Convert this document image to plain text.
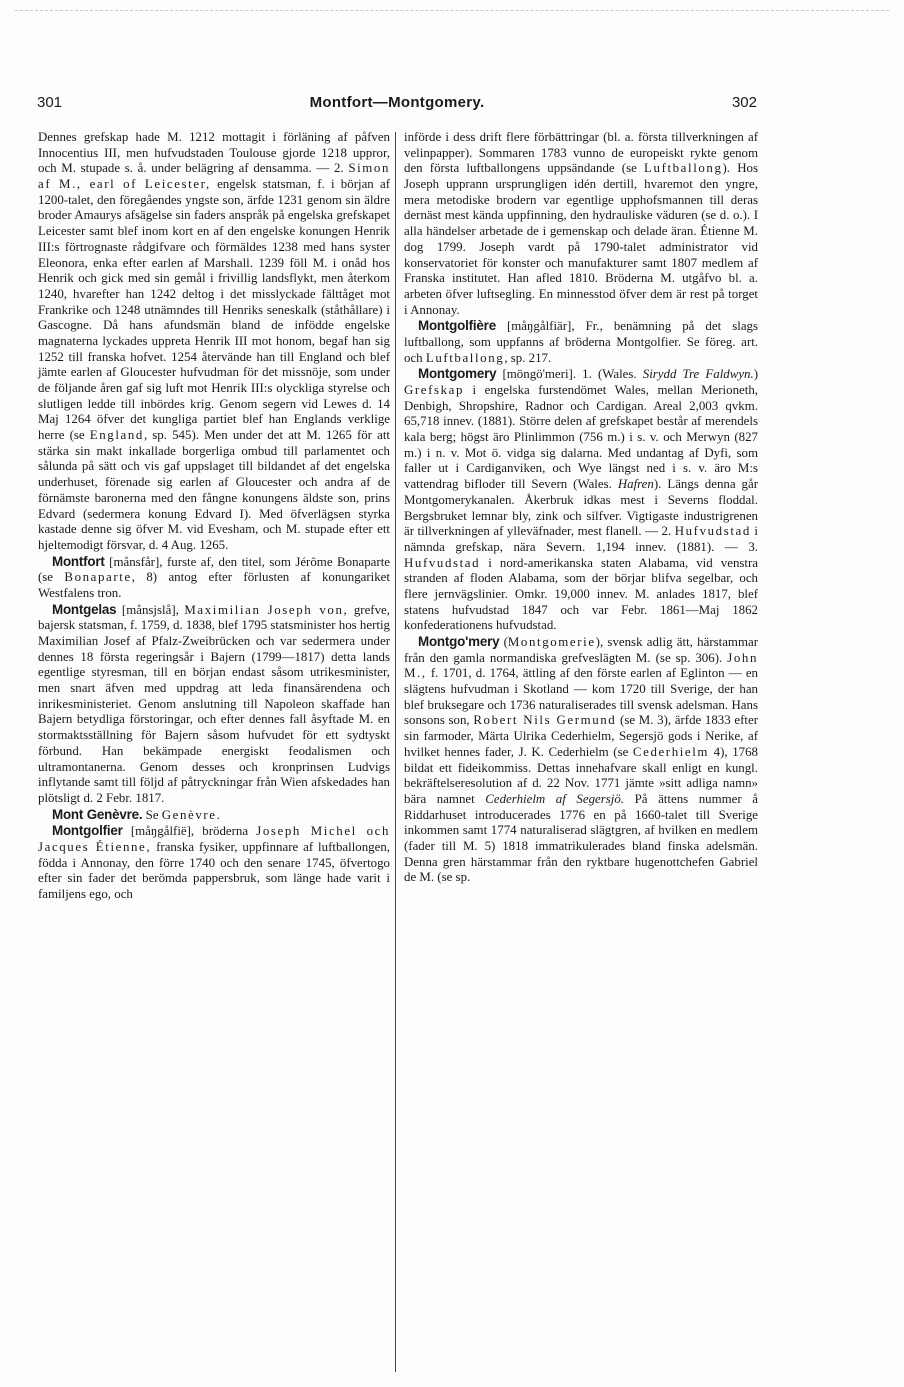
301	Montfort—Montgomery.	302

Dennes grefskap hade M. 1212 mottagit i förläning af påfven Innocentius III, men hufvudstaden Toulouse gjorde 1218 uppror, och M. stupade s. å. under belägring af densamma. — 2. Simon af M., earl of Leicester, engelsk statsman, f. i början af 1200-talet, den föregåendes yngste son, ärfde 1231 genom sin äldre broder Amaurys afsägelse sin faders anspråk på engelska grefskapet Leicester samt blef inom kort en af den engelske konungen Henrik III:s förtrognaste rådgifvare och förmäldes 1238 med hans syster Eleonora, enka efter earlen af Marshall. 1239 föll M. i onåd hos Henrik och gick med sin gemål i frivillig landsflykt, men återkom 1240, hvarefter han 1242 deltog i det misslyckade fälttåget mot Frankrike och 1248 utnämndes till Henriks seneskalk (ståthållare) i Gascogne. Då hans afundsmän bland de infödde engelske magnaterna lyckades uppreta Henrik III mot honom, begaf han sig 1252 till franska hofvet. 1254 återvände han till England och blef jämte earlen af Gloucester hufvudman för det missnöje, som under de följande åren gaf sig luft mot Henrik III:s olyckliga styrelse och slutligen ledde till inbördes krig. Genom segern vid Lewes d. 14 Maj 1264 öfver det kungliga partiet blef han Englands verklige herre (se England, sp. 545). Men under det att M. 1265 för att stärka sin makt inkallade borgerliga ombud till parlamentet och sålunda på sätt och vis gaf uppslaget till bildandet af det engelska underhuset, förenade sig earlen af Gloucester och andra af de förnämste baronerna med den fångne konungens äldste son, prins Edvard (sedermera konung Edvard I). Med öfverlägsen styrka kastade denne sig öfver M. vid Evesham, och M. stupade efter ett hjeltemodigt försvar, d. 4 Aug. 1265.

Montfort [månsfår], furste af, den titel, som Jérôme Bonaparte (se Bonaparte, 8) antog efter förlusten af konungariket Westfalens tron.

Montgelas [månsjslå], Maximilian Joseph von, grefve, bajersk statsman, f. 1759, d. 1838, blef 1795 statsminister hos hertig Maximilian Josef af Pfalz-Zweibrücken och var sedermera under dennes 18 första regeringsår i Bajern (1799—1817) detta lands egentlige styresman, till en början endast såsom utrikesminister, men snart äfven med uppdrag att leda finansärendena och inrikesministeriet. Genom anslutning till Napoleon skaffade han Bajern betydliga förstoringar, och efter dennes fall åsyftade M. en stormaktsställning för Bajern såsom hufvudet för ett sydtyskt förbund. Han bekämpade energiskt feodalismen och ultramontanerna. Genom desses och kronprinsen Ludvigs inflytande samt till följd af påtryckningar från Wien afskedades han plötsligt d. 2 Febr. 1817.

Mont Genèvre. Se Genèvre.

Montgolfier [måŋgålfië], bröderna Joseph Michel och Jacques Étienne, franska fysiker, uppfinnare af luftballongen, födda i Annonay, den förre 1740 och den senare 1745, öfvertogo efter sin fader det berömda pappersbruk, som länge hade varit i familjens ego, och

införde i dess drift flere förbättringar (bl. a. första tillverkningen af velinpapper). Sommaren 1783 vunno de europeiskt rykte genom den första luftballongens uppsändande (se Luftballong). Hos Joseph upprann ursprungligen idén dertill, hvaremot den yngre, mera metodiske brodern var egentlige upphofsmannen till deras dernäst mest kända uppfinning, den hydrauliske väduren (se d. o.). I alla händelser arbetade de i gemenskap och delade äran. Étienne M. dog 1799. Joseph vardt på 1790-talet administrator vid konservatoriet för konster och manufakturer samt 1807 medlem af Franska institutet. Han afled 1810. Bröderna M. utgåfvo bl. a. arbeten öfver luftsegling. En minnesstod öfver dem är rest på torget i Annonay.

Montgolfière [måŋgålfiär], Fr., benämning på det slags luftballong, som uppfanns af bröderna Montgolfier. Se föreg. art. och Luftballong, sp. 217.

Montgomery [möngö'meri]. 1. (Wales. Sirydd Tre Faldwyn.) Grefskap i engelska furstendömet Wales, mellan Merioneth, Denbigh, Shropshire, Radnor och Cardigan. Areal 2,003 qvkm. 65,718 innev. (1881). Större delen af grefskapet består af merendels kala berg; högst äro Plinlimmon (756 m.) i s. v. och Merwyn (827 m.) i n. v. Mot ö. vidga sig dalarna. Med undantag af Dyfi, som faller ut i Cardiganviken, och Wye längst ned i s. v. äro M:s vattendrag bifloder till Severn (Wales. Hafren). Längs denna går Montgomerykanalen. Åkerbruk idkas mest i Severns floddal. Bergsbruket lemnar bly, zink och silfver. Vigtigaste industrigrenen är tillverkningen af ylleväfnader, mest flanell. — 2. Hufvudstad i nämnda grefskap, nära Severn. 1,194 innev. (1881). — 3. Hufvudstad i nord-amerikanska staten Alabama, vid venstra stranden af floden Alabama, som der börjar blifva segelbar, och flere jernvägslinier. Omkr. 19,000 innev. M. anlades 1817, blef statens hufvudstad 1847 och var Febr. 1861—Maj 1862 konfederationens hufvudstad.

Montgo'mery (Montgomerie), svensk adlig ätt, härstammar från den gamla normandiska grefveslägten M. (se sp. 306). John M., f. 1701, d. 1764, ättling af den förste earlen af Eglinton — en slägtens hufvudman i Skotland — kom 1720 till Sverige, der han blef bruksegare och 1736 naturaliserades till svensk adelsman. Hans sonsons son, Robert Nils Germund (se M. 3), ärfde 1833 efter sin farmoder, Märta Ulrika Cederhielm, Segersjö gods i Nerike, af hvilket hennes fader, J. K. Cederhielm (se Cederhielm 4), 1768 bildat ett fideikommiss. Dettas innehafvare skall enligt en kungl. bekräftelseresolution af d. 22 Nov. 1771 jämte »sitt adliga namn» bära namnet Cederhielm af Segersjö. På ättens nummer å Riddarhuset introducerades 1776 en på 1660-talet till Sverige inkommen samt 1774 naturaliserad slägtgren, af hvilken en medlem (fader till M. 5) 1818 immatrikulerades bland finska adelsmän. Denna gren härstammar från den ryktbare hugenottchefen Gabriel de M. (se sp.
